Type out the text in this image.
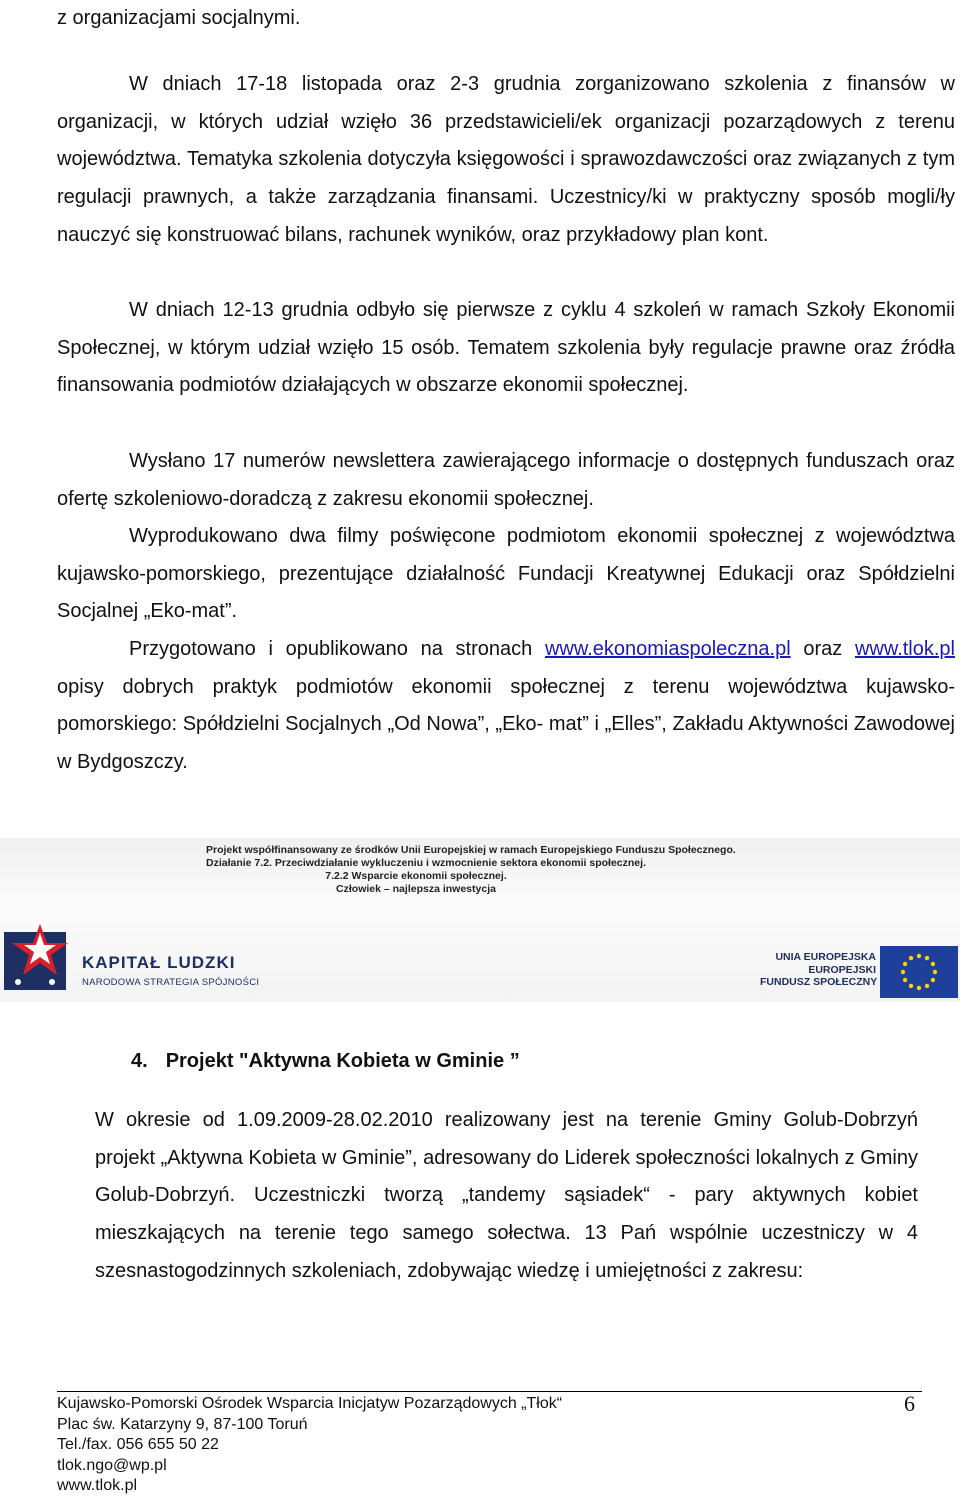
z organizacjami socjalnymi.

W dniach 17-18 listopada oraz 2-3 grudnia zorganizowano szkolenia z finansów w organizacji, w których udział wzięło 36 przedstawicieli/ek organizacji pozarządowych z terenu województwa. Tematyka szkolenia dotyczyła księgowości i sprawozdawczości oraz związanych z tym regulacji prawnych, a także zarządzania finansami. Uczestnicy/ki w praktyczny sposób mogli/ły nauczyć się konstruować bilans, rachunek wyników, oraz przykładowy plan kont.

W dniach 12-13 grudnia odbyło się pierwsze z cyklu 4 szkoleń w ramach Szkoły Ekonomii Społecznej, w którym udział wzięło 15 osób. Tematem szkolenia były regulacje prawne oraz źródła finansowania podmiotów działających w obszarze ekonomii społecznej.

Wysłano 17 numerów newslettera zawierającego informacje o dostępnych funduszach oraz ofertę szkoleniowo-doradczą z zakresu ekonomii społecznej.

Wyprodukowano dwa filmy poświęcone podmiotom ekonomii społecznej z województwa kujawsko-pomorskiego, prezentujące działalność Fundacji Kreatywnej Edukacji oraz Spółdzielni Socjalnej „Eko-mat”.

Przygotowano i opublikowano na stronach www.ekonomiaspoleczna.pl oraz www.tlok.pl opisy dobrych praktyk podmiotów ekonomii społecznej z terenu województwa kujawsko-pomorskiego: Spółdzielni Socjalnych „Od Nowa”, „Eko- mat” i „Elles”, Zakładu Aktywności Zawodowej w Bydgoszczy.

Projekt współfinansowany ze środków Unii Europejskiej w ramach Europejskiego Funduszu Społecznego.
Działanie 7.2. Przeciwdziałanie wykluczeniu i wzmocnienie sektora ekonomii społecznej.
7.2.2 Wsparcie ekonomii społecznej.
Człowiek – najlepsza inwestycja
KAPITAŁ LUDZKI
NARODOWA STRATEGIA SPÓJNOŚCI
UNIA EUROPEJSKA
EUROPEJSKI
FUNDUSZ SPOŁECZNY
4. Projekt "Aktywna Kobieta w Gminie ”

W okresie od 1.09.2009-28.02.2010 realizowany jest na terenie Gminy Golub-Dobrzyń projekt „Aktywna Kobieta w Gminie”, adresowany do Liderek społeczności lokalnych z Gminy Golub-Dobrzyń. Uczestniczki tworzą „tandemy sąsiadek“ - pary aktywnych kobiet mieszkających na terenie tego samego sołectwa. 13 Pań wspólnie uczestniczy w 4 szesnastogodzinnych szkoleniach, zdobywając wiedzę i umiejętności z zakresu:

Kujawsko-Pomorski Ośrodek Wsparcia Inicjatyw Pozarządowych „Tłok“
Plac św. Katarzyny 9, 87-100 Toruń
Tel./fax. 056 655 50 22
tlok.ngo@wp.pl
www.tlok.pl
6
